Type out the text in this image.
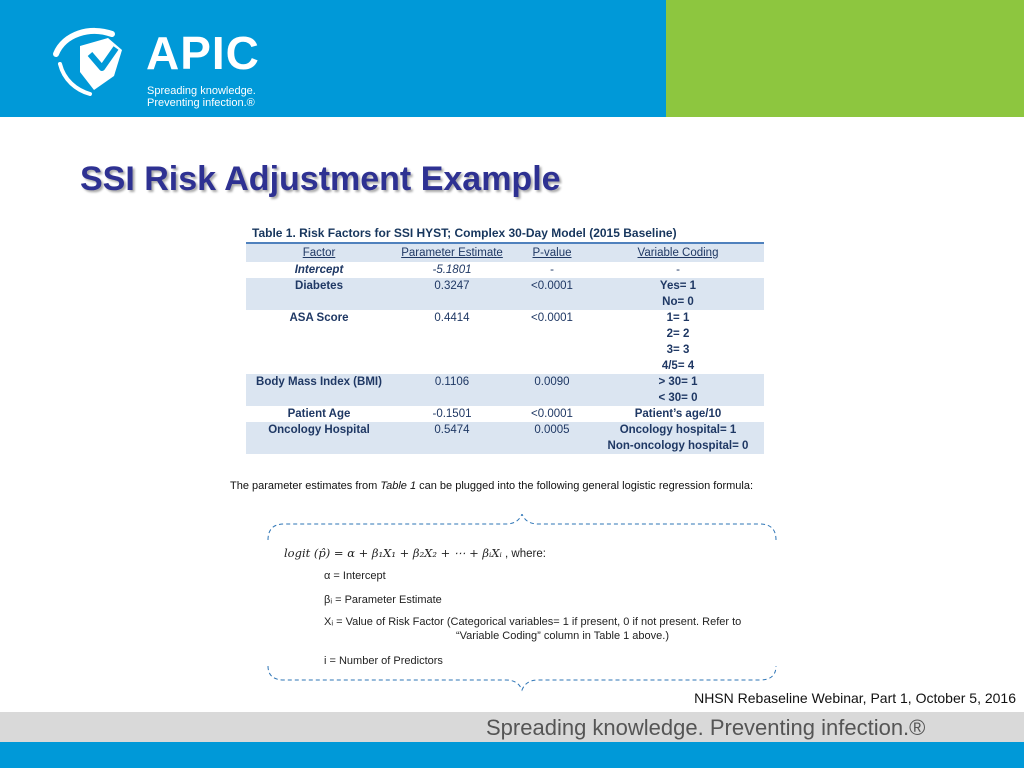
APIC
Spreading knowledge.
Preventing infection.®
SSI Risk Adjustment Example
Table 1. Risk Factors for SSI HYST; Complex 30-Day Model (2015 Baseline)
Factor	Parameter Estimate	P-value	Variable Coding
Intercept	-5.1801	-	-

Diabetes	0.3247	<0.0001	Yes= 1
No= 0

ASA Score	0.4414	<0.0001	1= 1
2= 2
3= 3
4/5= 4

Body Mass Index (BMI)	0.1106	0.0090	> 30= 1
< 30= 0

Patient Age	-0.1501	<0.0001	Patient’s age/10

Oncology Hospital	0.5474	0.0005	Oncology hospital= 1
Non-oncology hospital= 0
The parameter estimates from Table 1 can be plugged into the following general logistic regression formula:
logit (p̂) = α + β₁X₁ + β₂X₂ + ⋯ + βᵢXᵢ , where:
α = Intercept
βᵢ = Parameter Estimate
Xᵢ = Value of Risk Factor (Categorical variables= 1 if present, 0 if not present. Refer to
“Variable Coding” column in Table 1 above.)
i = Number of Predictors
NHSN Rebaseline Webinar, Part 1, October 5, 2016
Spreading knowledge. Preventing infection.®
